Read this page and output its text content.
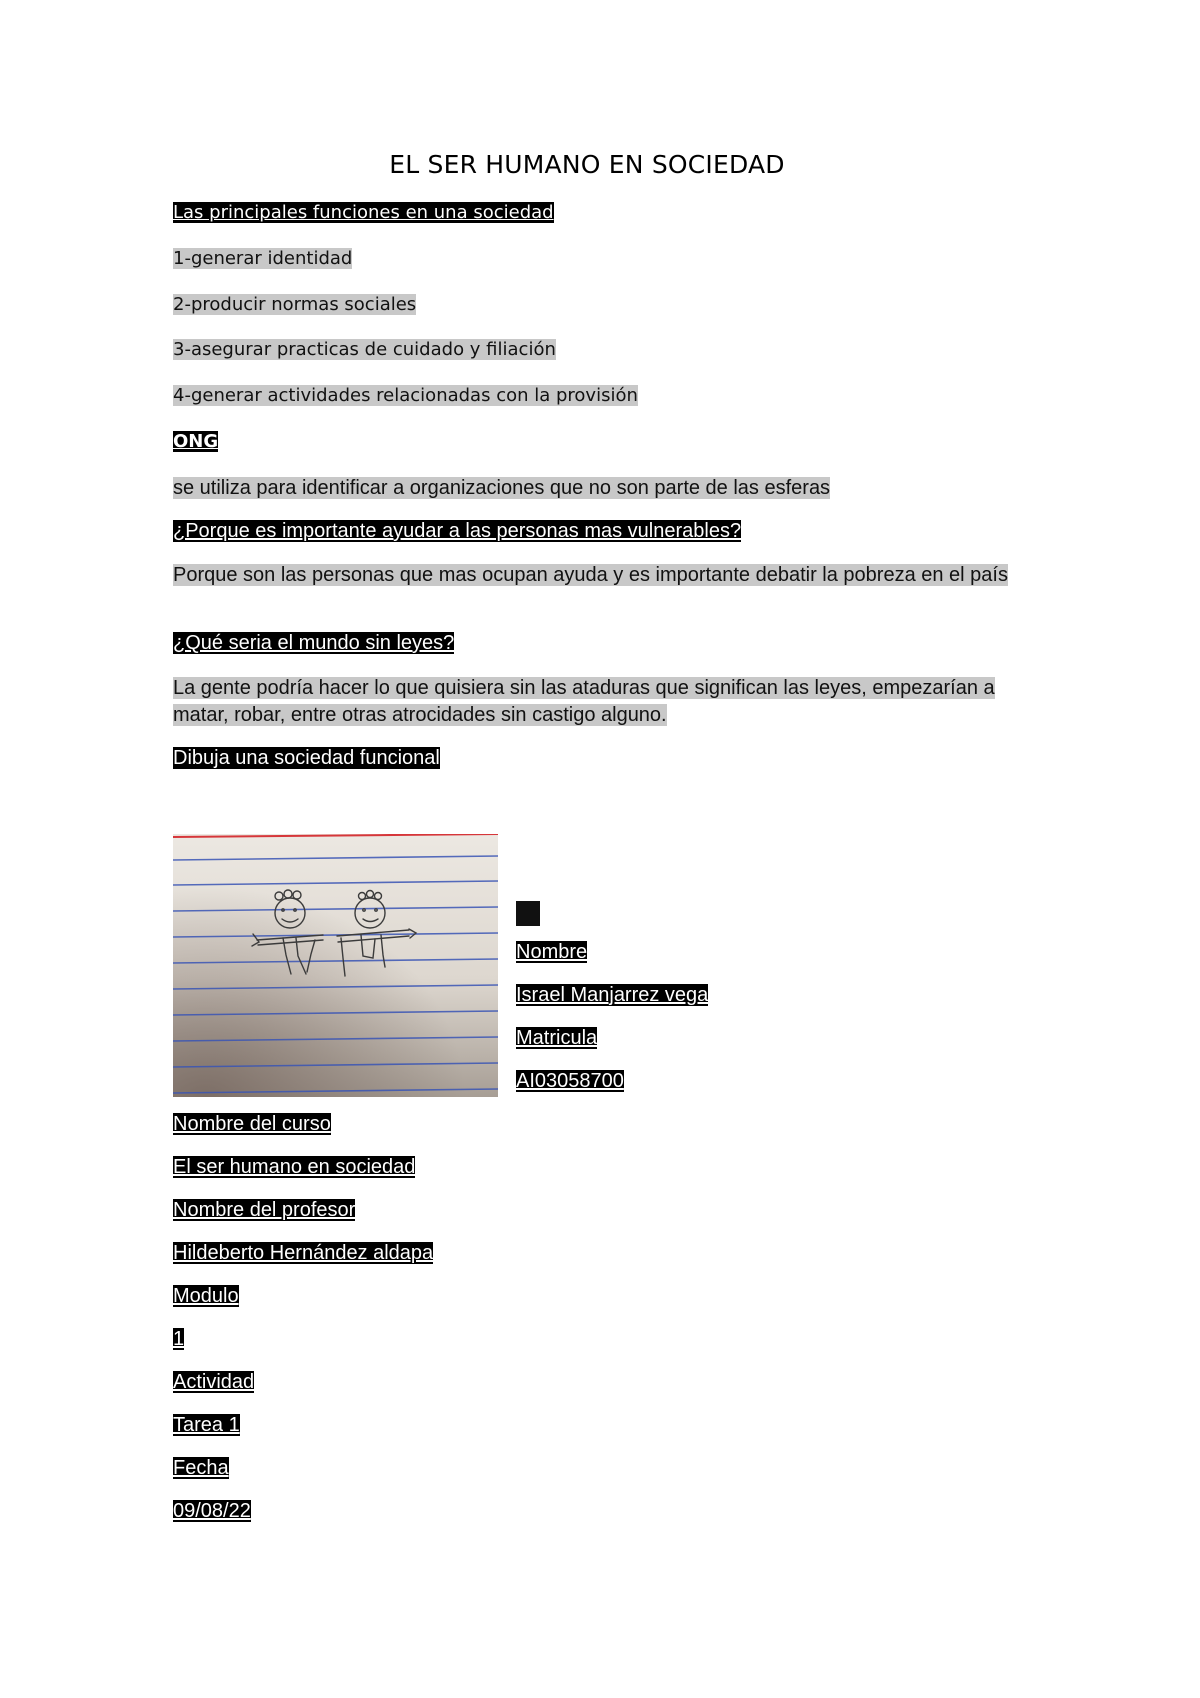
EL SER HUMANO EN SOCIEDAD
Las principales funciones en una sociedad
1-generar identidad
2-producir normas sociales
3-asegurar practicas de cuidado y filiación
4-generar actividades relacionadas con la provisión
ONG
se utiliza para identificar a organizaciones que no son parte de las esferas
¿Porque es importante ayudar a las personas mas vulnerables?
Porque son las personas que mas ocupan ayuda y es importante debatir la pobreza en el país
¿Qué seria el mundo sin leyes?
La gente podría hacer lo que quisiera sin las ataduras que significan las leyes, empezarían a matar, robar, entre otras atrocidades sin castigo alguno.
Dibuja una sociedad funcional
Nombre
Israel Manjarrez vega
Matricula
AI03058700
Nombre del curso
El ser humano en sociedad
Nombre del profesor
Hildeberto Hernández aldapa
Modulo
1
Actividad
Tarea 1
Fecha
09/08/22
